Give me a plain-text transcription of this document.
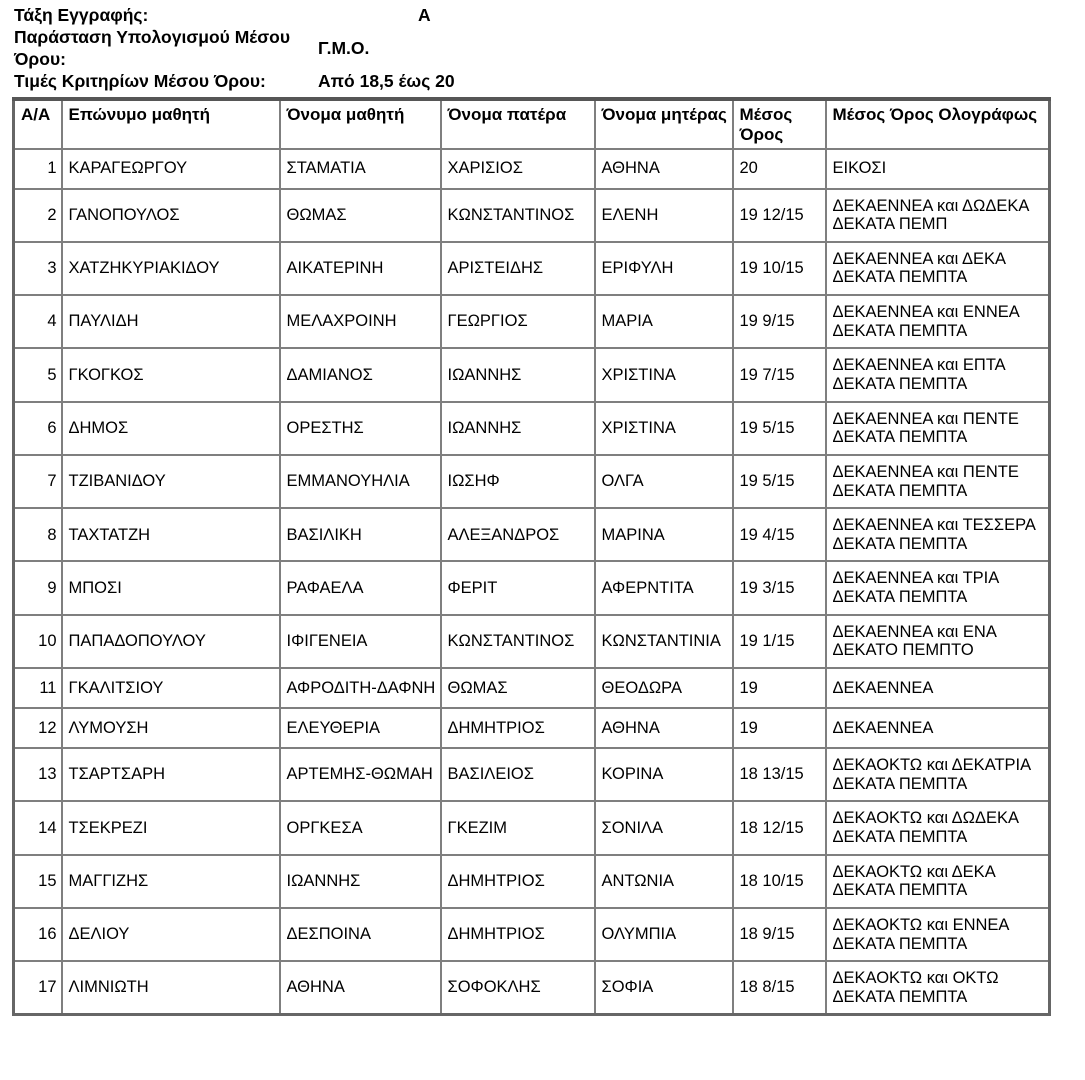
Τάξη Εγγραφής:	Α
Παράσταση Υπολογισμού Μέσου Όρου:
Γ.Μ.Ο.
Τιμές Κριτηρίων Μέσου Όρου:	Από 18,5 έως 20
Α/Α	Επώνυμο μαθητή	Όνομα μαθητή	Όνομα πατέρα	Όνομα μητέρας	Μέσος Όρος	Μέσος Όρος Ολογράφως
1	ΚΑΡΑΓΕΩΡΓΟΥ	ΣΤΑΜΑΤΙΑ	ΧΑΡΙΣΙΟΣ	ΑΘΗΝΑ	20	ΕΙΚΟΣΙ
2	ΓΑΝΟΠΟΥΛΟΣ	ΘΩΜΑΣ	ΚΩΝΣΤΑΝΤΙΝΟΣ	ΕΛΕΝΗ	19 12/15	ΔΕΚΑΕΝΝΕΑ και ΔΩΔΕΚΑ ΔΕΚΑΤΑ ΠΕΜΠ
3	ΧΑΤΖΗΚΥΡΙΑΚΙΔΟΥ	ΑΙΚΑΤΕΡΙΝΗ	ΑΡΙΣΤΕΙΔΗΣ	ΕΡΙΦΥΛΗ	19 10/15	ΔΕΚΑΕΝΝΕΑ και ΔΕΚΑ ΔΕΚΑΤΑ ΠΕΜΠΤΑ
4	ΠΑΥΛΙΔΗ	ΜΕΛΑΧΡΟΙΝΗ	ΓΕΩΡΓΙΟΣ	ΜΑΡΙΑ	19 9/15	ΔΕΚΑΕΝΝΕΑ και ΕΝΝΕΑ ΔΕΚΑΤΑ ΠΕΜΠΤΑ
5	ΓΚΟΓΚΟΣ	ΔΑΜΙΑΝΟΣ	ΙΩΑΝΝΗΣ	ΧΡΙΣΤΙΝΑ	19 7/15	ΔΕΚΑΕΝΝΕΑ και ΕΠΤΑ ΔΕΚΑΤΑ ΠΕΜΠΤΑ
6	ΔΗΜΟΣ	ΟΡΕΣΤΗΣ	ΙΩΑΝΝΗΣ	ΧΡΙΣΤΙΝΑ	19 5/15	ΔΕΚΑΕΝΝΕΑ και ΠΕΝΤΕ ΔΕΚΑΤΑ ΠΕΜΠΤΑ
7	ΤΖΙΒΑΝΙΔΟΥ	ΕΜΜΑΝΟΥΗΛΙΑ	ΙΩΣΗΦ	ΟΛΓΑ	19 5/15	ΔΕΚΑΕΝΝΕΑ και ΠΕΝΤΕ ΔΕΚΑΤΑ ΠΕΜΠΤΑ
8	ΤΑΧΤΑΤΖΗ	ΒΑΣΙΛΙΚΗ	ΑΛΕΞΑΝΔΡΟΣ	ΜΑΡΙΝΑ	19 4/15	ΔΕΚΑΕΝΝΕΑ και ΤΕΣΣΕΡΑ ΔΕΚΑΤΑ ΠΕΜΠΤΑ
9	ΜΠΟΣΙ	ΡΑΦΑΕΛΑ	ΦΕΡΙΤ	ΑΦΕΡΝΤΙΤΑ	19 3/15	ΔΕΚΑΕΝΝΕΑ και ΤΡΙΑ ΔΕΚΑΤΑ ΠΕΜΠΤΑ
10	ΠΑΠΑΔΟΠΟΥΛΟΥ	ΙΦΙΓΕΝΕΙΑ	ΚΩΝΣΤΑΝΤΙΝΟΣ	ΚΩΝΣΤΑΝΤΙΝΙΑ	19 1/15	ΔΕΚΑΕΝΝΕΑ και ΕΝΑ ΔΕΚΑΤΟ ΠΕΜΠΤΟ
11	ΓΚΑΛΙΤΣΙΟΥ	ΑΦΡΟΔΙΤΗ-ΔΑΦΝΗ	ΘΩΜΑΣ	ΘΕΟΔΩΡΑ	19	ΔΕΚΑΕΝΝΕΑ
12	ΛΥΜΟΥΣΗ	ΕΛΕΥΘΕΡΙΑ	ΔΗΜΗΤΡΙΟΣ	ΑΘΗΝΑ	19	ΔΕΚΑΕΝΝΕΑ
13	ΤΣΑΡΤΣΑΡΗ	ΑΡΤΕΜΗΣ-ΘΩΜΑΗ	ΒΑΣΙΛΕΙΟΣ	ΚΟΡΙΝΑ	18 13/15	ΔΕΚΑΟΚΤΩ και ΔΕΚΑΤΡΙΑ ΔΕΚΑΤΑ ΠΕΜΠΤΑ
14	ΤΣΕΚΡΕΖΙ	ΟΡΓΚΕΣΑ	ΓΚΕΖΙΜ	ΣΟΝΙΛΑ	18 12/15	ΔΕΚΑΟΚΤΩ και ΔΩΔΕΚΑ ΔΕΚΑΤΑ ΠΕΜΠΤΑ
15	ΜΑΓΓΙΖΗΣ	ΙΩΑΝΝΗΣ	ΔΗΜΗΤΡΙΟΣ	ΑΝΤΩΝΙΑ	18 10/15	ΔΕΚΑΟΚΤΩ και ΔΕΚΑ ΔΕΚΑΤΑ ΠΕΜΠΤΑ
16	ΔΕΛΙΟΥ	ΔΕΣΠΟΙΝΑ	ΔΗΜΗΤΡΙΟΣ	ΟΛΥΜΠΙΑ	18 9/15	ΔΕΚΑΟΚΤΩ και ΕΝΝΕΑ ΔΕΚΑΤΑ ΠΕΜΠΤΑ
17	ΛΙΜΝΙΩΤΗ	ΑΘΗΝΑ	ΣΟΦΟΚΛΗΣ	ΣΟΦΙΑ	18 8/15	ΔΕΚΑΟΚΤΩ και ΟΚΤΩ ΔΕΚΑΤΑ ΠΕΜΠΤΑ
